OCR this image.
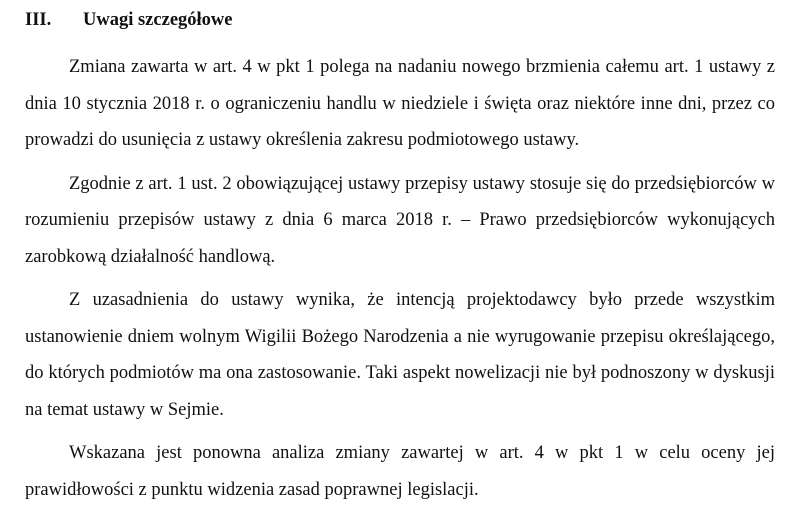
III.	Uwagi szczegółowe

Zmiana zawarta w art. 4 w pkt 1 polega na nadaniu nowego brzmienia całemu art. 1 ustawy z dnia 10 stycznia 2018 r. o ograniczeniu handlu w niedziele i święta oraz niektóre inne dni, przez co prowadzi do usunięcia z ustawy określenia zakresu podmiotowego ustawy.

Zgodnie z art. 1 ust. 2 obowiązującej ustawy przepisy ustawy stosuje się do przedsiębiorców w rozumieniu przepisów ustawy z dnia 6 marca 2018 r. – Prawo przedsiębiorców wykonujących zarobkową działalność handlową.

Z uzasadnienia do ustawy wynika, że intencją projektodawcy było przede wszystkim ustanowienie dniem wolnym Wigilii Bożego Narodzenia a nie wyrugowanie przepisu określającego, do których podmiotów ma ona zastosowanie. Taki aspekt nowelizacji nie był podnoszony w dyskusji na temat ustawy w Sejmie.

Wskazana jest ponowna analiza zmiany zawartej w art. 4 w pkt 1 w celu oceny jej prawidłowości z punktu widzenia zasad poprawnej legislacji.
